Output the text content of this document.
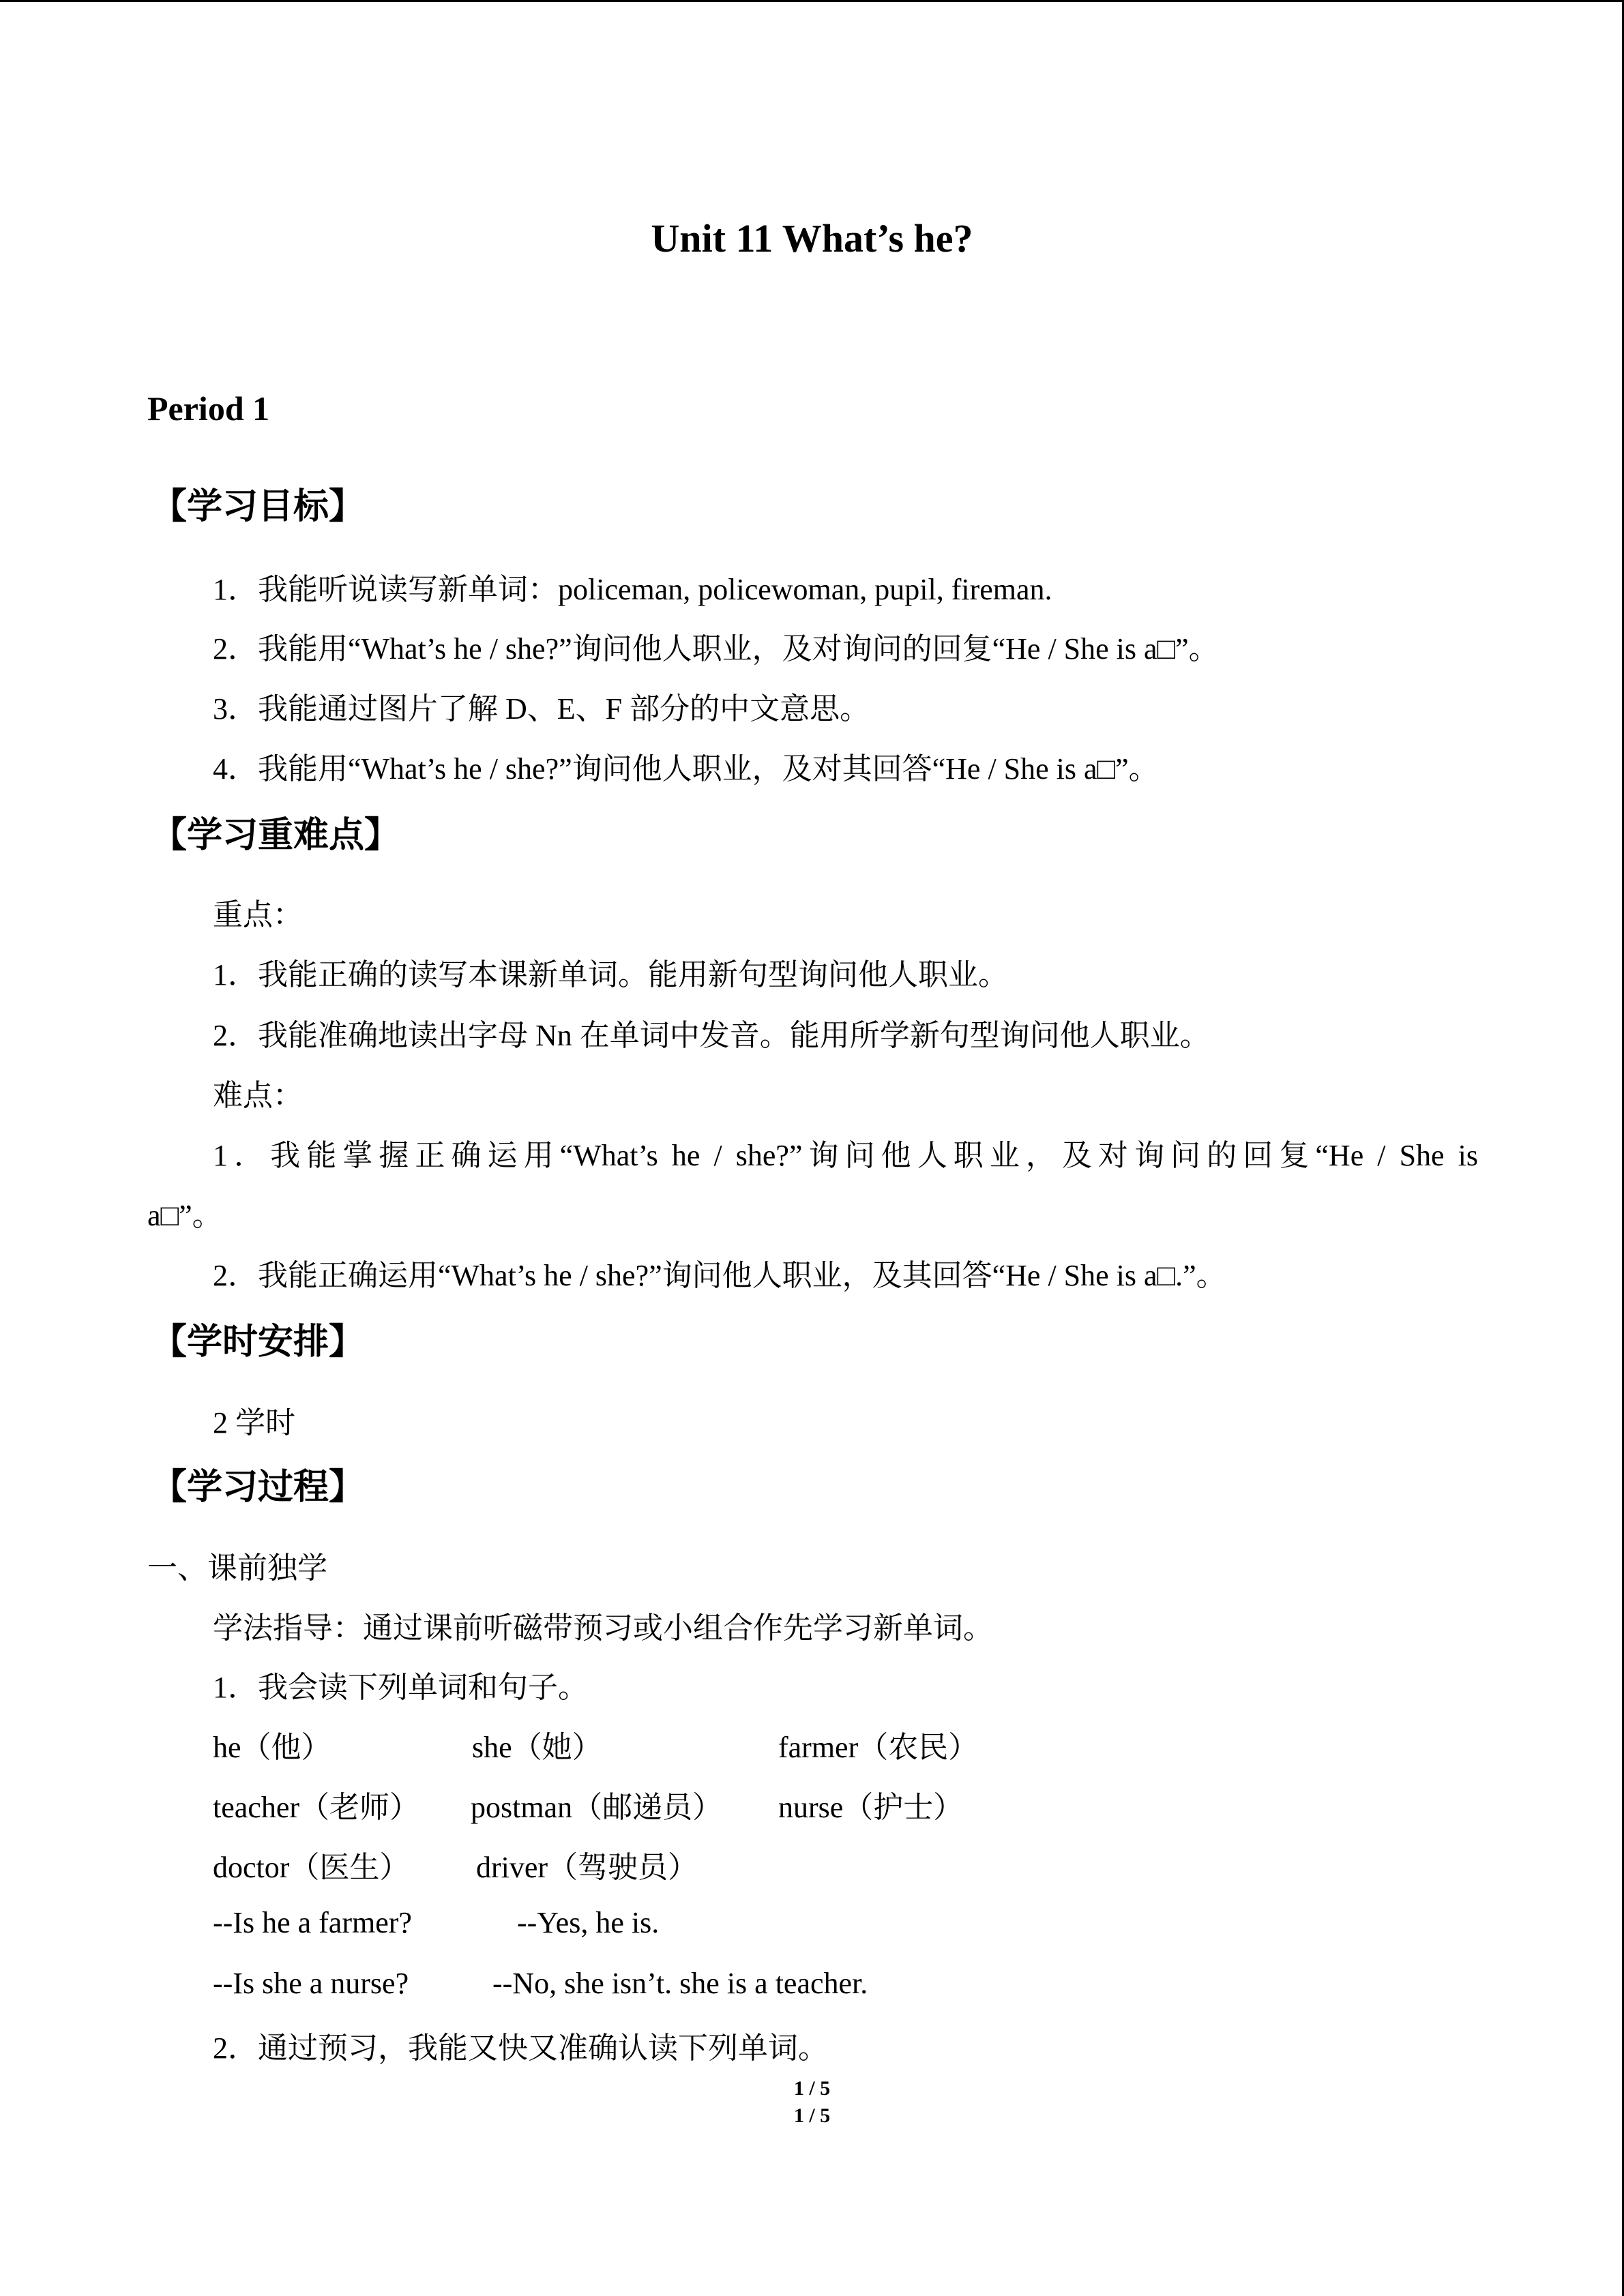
Unit 11 What’s he?
Period 1
【学习目标】
1．我能听说读写新单词：policeman, policewoman, pupil, fireman.
2．我能用“What’s he / she?”询问他人职业，及对询问的回复“He / She is a□”。
3．我能通过图片了解 D、E、F 部分的中文意思。
4．我能用“What’s he / she?”询问他人职业，及对其回答“He / She is a□”。
【学习重难点】
重点：
1．我能正确的读写本课新单词。能用新句型询问他人职业。
2．我能准确地读出字母 Nn 在单词中发音。能用所学新句型询问他人职业。
难点：
1．我能掌握正确运用“What’s he / she?”询问他人职业，及对询问的回复“He / She is
a□”。
2．我能正确运用“What’s he / she?”询问他人职业，及其回答“He / She is a□.”。
【学时安排】
2 学时
【学习过程】
一、课前独学
学法指导：通过课前听磁带预习或小组合作先学习新单词。
1．我会读下列单词和句子。
he（他）	she（她）	farmer（农民）
teacher（老师） postman（邮递员） nurse（护士）
doctor（医生） driver（驾驶员）
--Is he a farmer?	--Yes, he is.
--Is she a nurse?	--No, she isn’t. she is a teacher.
2．通过预习，我能又快又准确认读下列单词。
1 / 5
1 / 5
